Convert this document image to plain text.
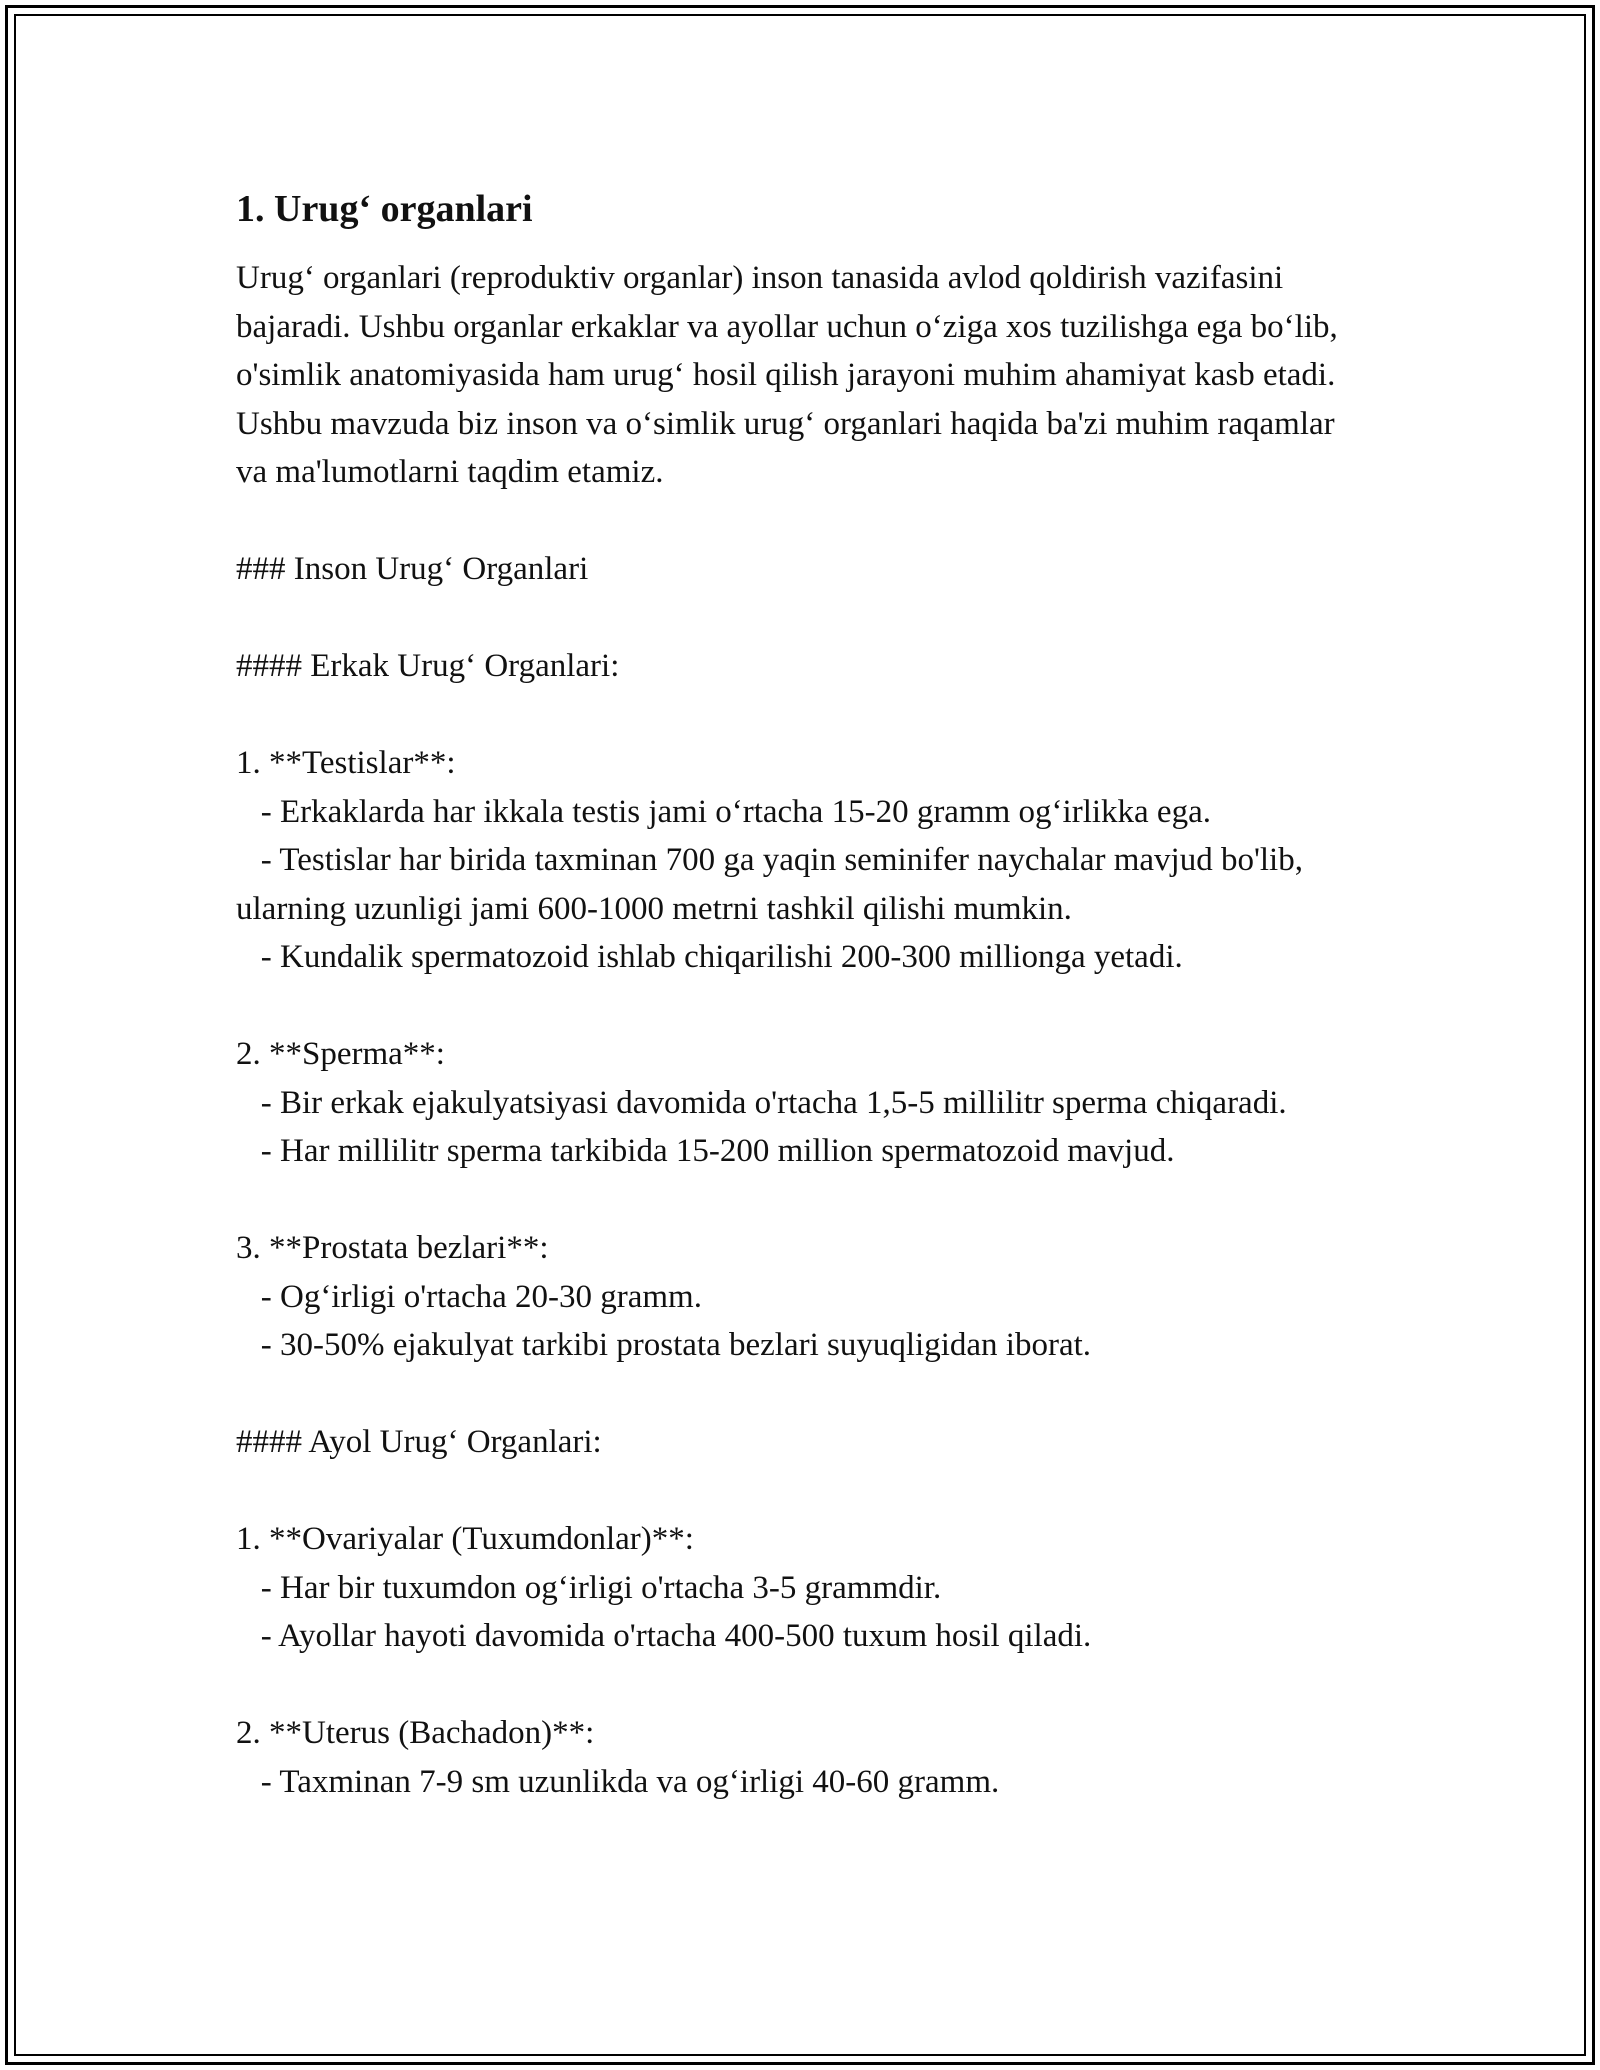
1. Urug‘ organlari

Urug‘ organlari (reproduktiv organlar) inson tanasida avlod qoldirish vazifasini bajaradi. Ushbu organlar erkaklar va ayollar uchun o‘ziga xos tuzilishga ega bo‘lib, o'simlik anatomiyasida ham urug‘ hosil qilish jarayoni muhim ahamiyat kasb etadi. Ushbu mavzuda biz inson va o‘simlik urug‘ organlari haqida ba'zi muhim raqamlar va ma'lumotlarni taqdim etamiz.

### Inson Urug‘ Organlari

#### Erkak Urug‘ Organlari:

1. **Testislar**:

- Erkaklarda har ikkala testis jami o‘rtacha 15-20 gramm og‘irlikka ega.

- Testislar har birida taxminan 700 ga yaqin seminifer naychalar mavjud bo'lib, ularning uzunligi jami 600-1000 metrni tashkil qilishi mumkin.

- Kundalik spermatozoid ishlab chiqarilishi 200-300 millionga yetadi.

2. **Sperma**:

- Bir erkak ejakulyatsiyasi davomida o'rtacha 1,5-5 millilitr sperma chiqaradi.

- Har millilitr sperma tarkibida 15-200 million spermatozoid mavjud.

3. **Prostata bezlari**:

- Og‘irligi o'rtacha 20-30 gramm.

- 30-50% ejakulyat tarkibi prostata bezlari suyuqligidan iborat.

#### Ayol Urug‘ Organlari:

1. **Ovariyalar (Tuxumdonlar)**:

- Har bir tuxumdon og‘irligi o'rtacha 3-5 grammdir.

- Ayollar hayoti davomida o'rtacha 400-500 tuxum hosil qiladi.

2. **Uterus (Bachadon)**:

- Taxminan 7-9 sm uzunlikda va og‘irligi 40-60 gramm.
